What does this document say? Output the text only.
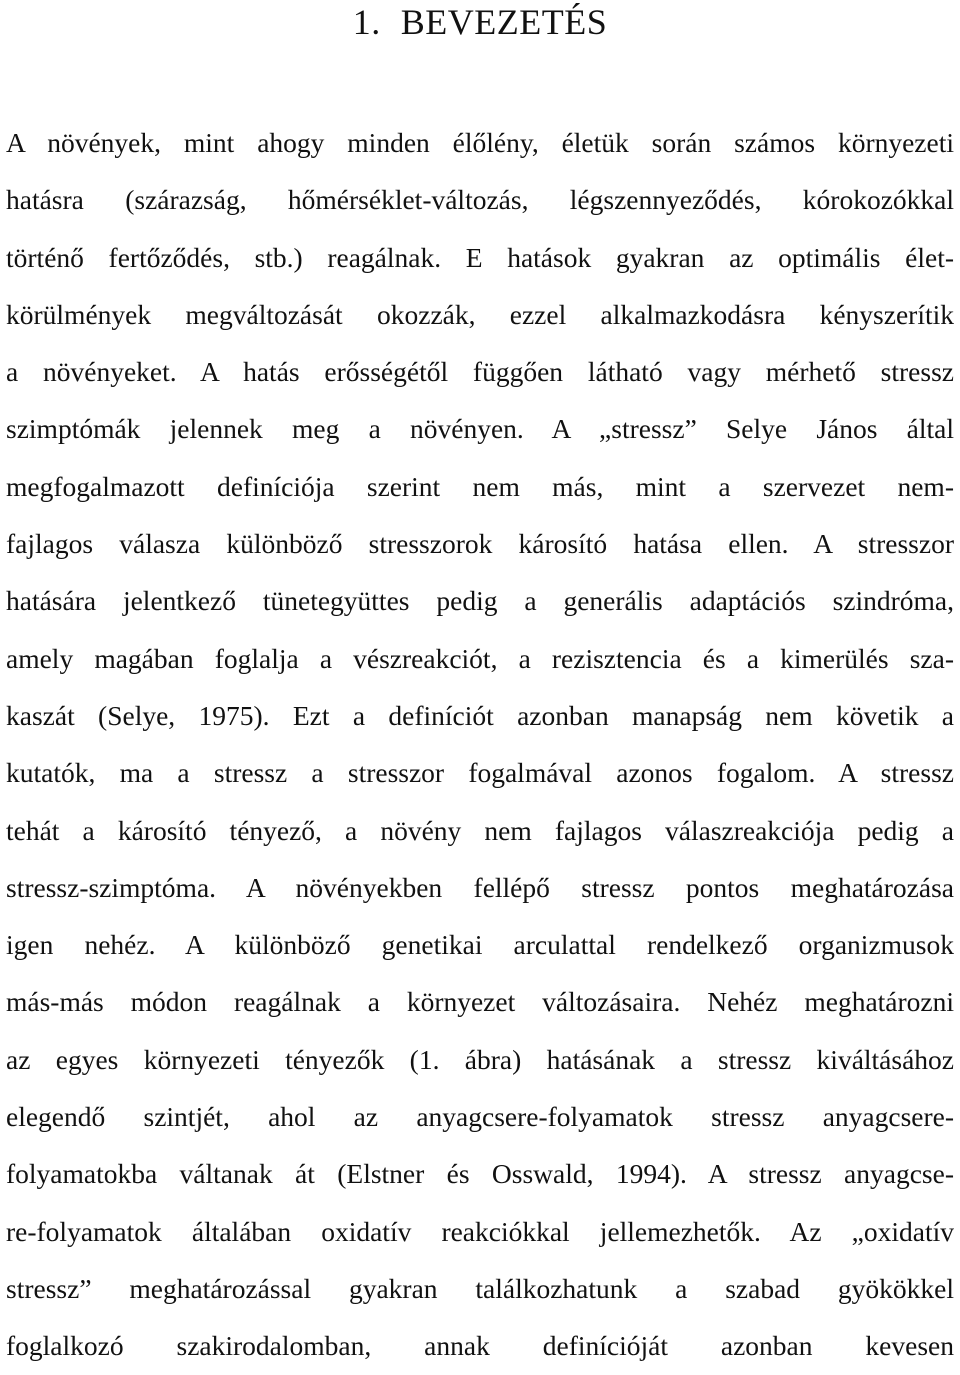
1. BEVEZETÉS
A növények, mint ahogy minden élőlény, életük során számos környezeti
hatásra (szárazság, hőmérséklet-változás, légszennyeződés, kórokozókkal
történő fertőződés, stb.) reagálnak. E hatások gyakran az optimális élet-
körülmények megváltozását okozzák, ezzel alkalmazkodásra kényszerítik
a növényeket. A hatás erősségétől függően látható vagy mérhető stressz
szimptómák jelennek meg a növényen. A „stressz” Selye János által
megfogalmazott definíciója szerint nem más, mint a szervezet nem-
fajlagos válasza különböző stresszorok károsító hatása ellen. A stresszor
hatására jelentkező tünetegyüttes pedig a generális adaptációs szindróma,
amely magában foglalja a vészreakciót, a rezisztencia és a kimerülés sza-
kaszát (Selye, 1975). Ezt a definíciót azonban manapság nem követik a
kutatók, ma a stressz a stresszor fogalmával azonos fogalom. A stressz
tehát a károsító tényező, a növény nem fajlagos válaszreakciója pedig a
stressz-szimptóma. A növényekben fellépő stressz pontos meghatározása
igen nehéz. A különböző genetikai arculattal rendelkező organizmusok
más-más módon reagálnak a környezet változásaira. Nehéz meghatározni
az egyes környezeti tényezők (1. ábra) hatásának a stressz kiváltásához
elegendő szintjét, ahol az anyagcsere-folyamatok stressz anyagcsere-
folyamatokba váltanak át (Elstner és Osswald, 1994). A stressz anyagcse-
re-folyamatok általában oxidatív reakciókkal jellemezhetők. Az „oxidatív
stressz” meghatározással gyakran találkozhatunk a szabad gyökökkel
foglalkozó szakirodalomban, annak definícióját azonban kevesen
